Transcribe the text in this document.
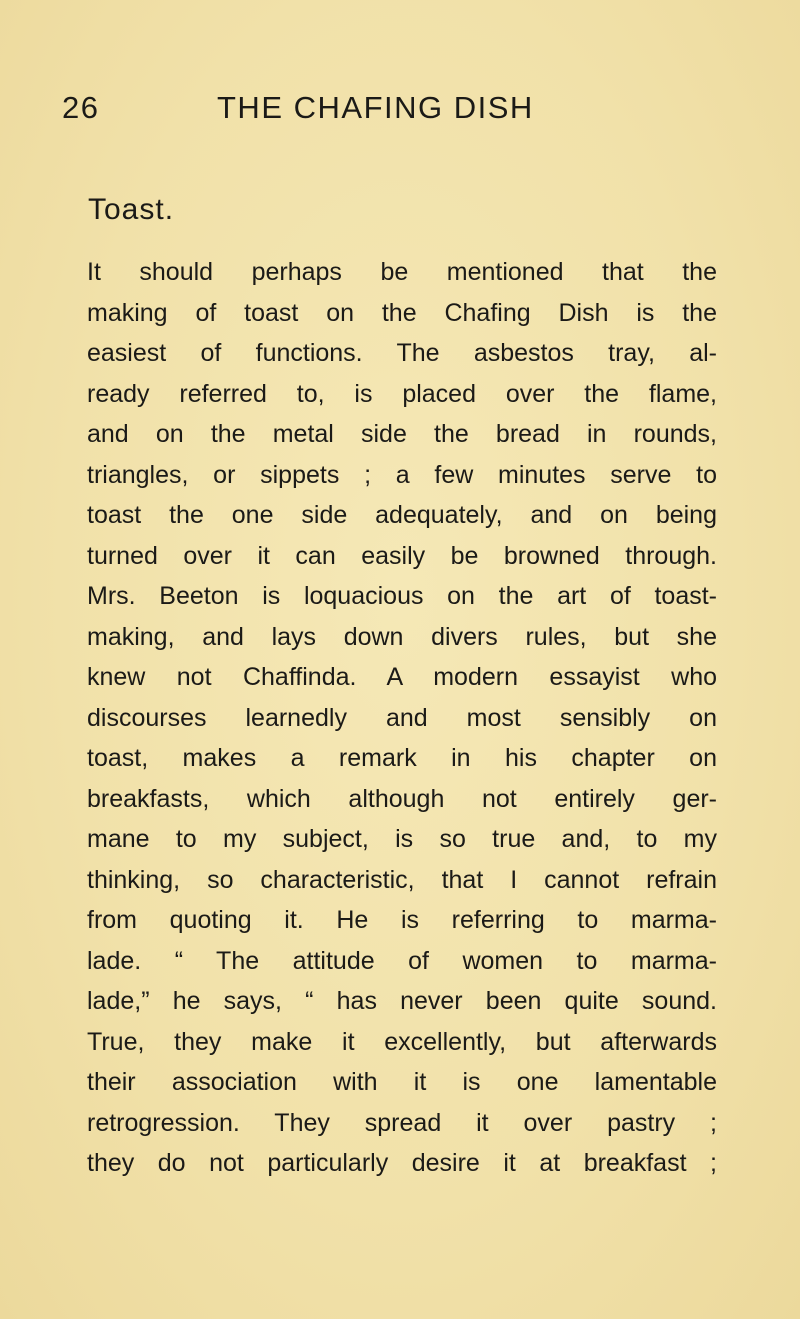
26	THE CHAFING DISH
Toast.
It should perhaps be mentioned that the
making of toast on the Chafing Dish is the
easiest of functions. The asbestos tray, al-
ready referred to, is placed over the flame,
and on the metal side the bread in rounds,
triangles, or sippets ; a few minutes serve to
toast the one side adequately, and on being
turned over it can easily be browned through.
Mrs. Beeton is loquacious on the art of toast-
making, and lays down divers rules, but she
knew not Chaffinda. A modern essayist who
discourses learnedly and most sensibly on
toast, makes a remark in his chapter on
breakfasts, which although not entirely ger-
mane to my subject, is so true and, to my
thinking, so characteristic, that I cannot refrain
from quoting it. He is referring to marma-
lade. “ The attitude of women to marma-
lade,” he says, “ has never been quite sound.
True, they make it excellently, but afterwards
their association with it is one lamentable
retrogression. They spread it over pastry ;
they do not particularly desire it at breakfast ;
